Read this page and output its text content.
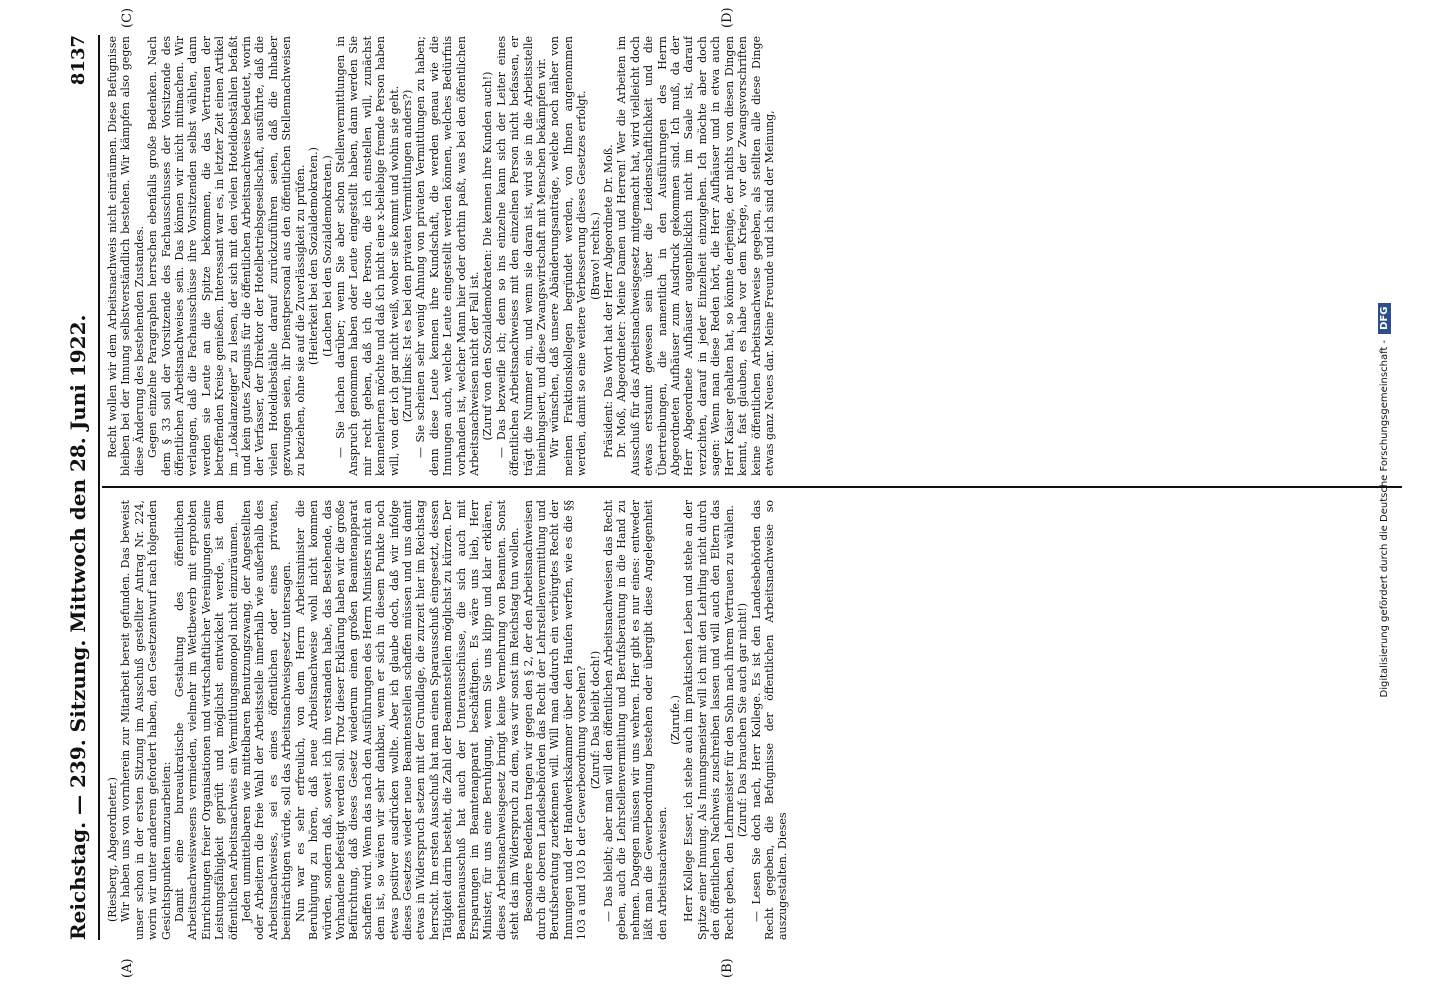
Reichstag. — 239. Sitzung. Mittwoch den 28. Juni 1922.
8137
(A)	(B)
(C)	(D)

(Riesberg, Abgeordneter.) Wir haben uns von vornherein zur Mitarbeit bereit gefunden. Das beweist unser schon in der ersten Sitzung im Ausschuß gestellter Antrag Nr. 224, worin wir unter anderem gefordert haben, den Gesetzentwurf nach folgenden Gesichtspunkten umzuarbeiten: Damit eine bureaukratische Gestaltung des öffentlichen Arbeitsnachweiswesens vermieden, vielmehr im Wettbewerb mit erprobten Einrichtungen freier Organisationen und wirtschaftlicher Vereinigungen seine Leistungsfähigkeit geprüft und möglichst entwickelt werde, ist dem öffentlichen Arbeitsnachweis ein Vermittlungsmonopol nicht einzuräumen. Jeden unmittelbaren wie mittelbaren Benutzungszwang, der Angestellten oder Arbeitern die freie Wahl der Arbeitsstelle innerhalb wie außerhalb des Arbeitsnachweises, sei es eines öffentlichen oder eines privaten, beeinträchtigen würde, soll das Arbeitsnachweisgesetz untersagen. Nun war es sehr erfreulich, von dem Herrn Arbeitsminister die Beruhigung zu hören, daß neue Arbeitsnachweise wohl nicht kommen würden, sondern daß, soweit ich ihn verstanden habe, das Bestehende, das Vorhandene befestigt werden soll. Trotz dieser Erklärung haben wir die große Befürchtung, daß dieses Gesetz wiederum einen großen Beamtenapparat schaffen wird. Wenn das nach den Ausführungen des Herrn Ministers nicht an dem ist, so wären wir sehr dankbar, wenn er sich in diesem Punkte noch etwas positiver ausdrücken wollte. Aber ich glaube doch, daß wir infolge dieses Gesetzes wieder neue Beamtenstellen schaffen müssen und uns damit etwas in Widerspruch setzen mit der Grundlage, die zurzeit hier im Reichstag herrscht. Im ersten Ausschuß hat man einen Sparausschuß eingesetzt, dessen Tätigkeit darin besteht, die Zahl der Beamtenstellen möglichst zu kürzen. Der Beamtenausschuß hat auch der Unterausschüsse, die sich auch mit Ersparungen im Beamtenapparat beschäftigen. Es wäre uns lieb, Herr Minister, für uns eine Beruhigung, wenn Sie uns klipp und klar erklären, dieses Arbeitsnachweisgesetz bringt keine Vermehrung von Beamten. Sonst steht das im Widerspruch zu dem, was wir sonst im Reichstag tun wollen. Besondere Bedenken tragen wir gegen den § 2, der den Arbeitsnachweisen durch die oberen Landesbehörden das Recht der Lehrstellenvermittlung und Berufsberatung zuerkennen will. Will man dadurch ein verbürgtes Recht der Innungen und der Handwerkskammer über den Haufen werfen, wie es die §§ 103 a und 103 b der Gewerbeordnung vorsehen? (Zuruf: Das bleibt doch!) — Das bleibt; aber man will den öffentlichen Arbeitsnachweisen das Recht geben, auch die Lehrstellenvermittlung und Berufsberatung in die Hand zu nehmen. Dagegen müssen wir uns wehren. Hier gibt es nur eines: entweder läßt man die Gewerbeordnung bestehen oder übergibt diese Angelegenheit den Arbeitsnachweisen.

(Zurufe.) Herr Kollege Esser, ich stehe auch im praktischen Leben und stehe an der Spitze einer Innung. Als Innungsmeister will ich mit den Lehrling nicht durch den öffentlichen Nachweis zuschreiben lassen und will auch den Eltern das Recht geben, den Lehrmeister für den Sohn nach ihrem Vertrauen zu wählen. (Zuruf: Das brauchen Sie auch gar nicht!) — Lesen Sie doch nach, Herr Kollege. Es ist den Landesbehörden das Recht gegeben, die Befugnisse der öffentlichen Arbeitsnachweise so auszugestalten. Dieses

Recht wollen wir dem Arbeitsnachweis nicht einräumen. Diese Befugnisse bleiben bei der Innung selbstverständlich bestehen. Wir kämpfen also gegen diese Änderung des bestehenden Zustandes. Gegen einzelne Paragraphen herrschen ebenfalls große Bedenken. Nach dem § 33 soll der Vorsitzende des Fachausschusses der Vorsitzende des öffentlichen Arbeitsnachweises sein. Das können wir nicht mitmachen. Wir verlangen, daß die Fachausschüsse ihre Vorsitzenden selbst wählen, dann werden sie Leute an die Spitze bekommen, die das Vertrauen der betreffenden Kreise genießen. Interessant war es, in letzter Zeit einen Artikel im „Lokalanzeiger“ zu lesen, der sich mit den vielen Hoteldiebstählen befaßt und kein gutes Zeugnis für die öffentlichen Arbeitsnachweise bedeutet, worin der Verfasser, der Direktor der Hotelbetriebsgesellschaft, ausführte, daß die vielen Hoteldiebstähle darauf zurückzuführen seien, daß die Inhaber gezwungen seien, ihr Dienstpersonal aus den öffentlichen Stellennachweisen zu beziehen, ohne sie auf die Zuverlässigkeit zu prüfen. (Heiterkeit bei den Sozialdemokraten.) (Lachen bei den Sozialdemokraten.) — Sie lachen darüber; wenn Sie aber schon Stellenvermittlungen in Anspruch genommen haben oder Leute eingestellt haben, dann werden Sie mir recht geben, daß ich die Person, die ich einstellen will, zunächst kennenlernen möchte und daß ich nicht eine x-beliebige fremde Person haben will, von der ich gar nicht weiß, woher sie kommt und wohin sie geht. (Zuruf links: Ist es bei den privaten Vermittlungen anders?) — Sie scheinen sehr wenig Ahnung von privaten Vermittlungen zu haben; denn diese Leute kennen ihre Kundschaft, die werden genau wie die Innungen auch, welche Leute eingestellt werden können, welches Bedürfnis vorhanden ist, welcher Mann hier oder dorthin paßt, was bei den öffentlichen Arbeitsnachweisen nicht der Fall ist. (Zuruf von den Sozialdemokraten: Die kennen ihre Kunden auch!) — Das bezweifle ich; denn so ins einzelne kann sich der Leiter eines öffentlichen Arbeitsnachweises mit den einzelnen Person nicht befassen, er trägt die Nummer ein, und wenn sie daran ist, wird sie in die Arbeitsstelle hineinbugsiert, und diese Zwangswirtschaft mit Menschen bekämpfen wir. Wir wünschen, daß unsere Abänderungsanträge, welche noch näher von meinen Fraktionskollegen begründet werden, von Ihnen angenommen werden, damit so eine weitere Verbesserung dieses Gesetzes erfolgt. (Bravo! rechts.) Präsident: Das Wort hat der Herr Abgeordnete Dr. Moß. Dr. Moß, Abgeordneter: Meine Damen und Herren! Wer die Arbeiten im Ausschuß für das Arbeitsnachweisgesetz mitgemacht hat, wird vielleicht doch etwas erstaunt gewesen sein über die Leidenschaftlichkeit und die Übertreibungen, die namentlich in den Ausführungen des Herrn Abgeordneten Aufhäuser zum Ausdruck gekommen sind. Ich muß, da der Herr Abgeordnete Aufhäuser augenblicklich nicht im Saale ist, darauf verzichten, darauf in jeder Einzelheit einzugehen. Ich möchte aber doch sagen: Wenn man diese Reden hört, die Herr Aufhäuser und in etwa auch Herr Kaiser gehalten hat, so könnte derjenige, der nichts von diesen Dingen kennt, fast glauben, es habe vor dem Kriege, vor der Zwangsvorschriften keine öffentlichen Arbeitsnachweise gegeben, als stellten alle diese Dinge etwas ganz Neues dar. Meine Freunde und ich sind der Meinung,

Digitalisierung gefördert durch die Deutsche Forschungsgemeinschaft -DFG
